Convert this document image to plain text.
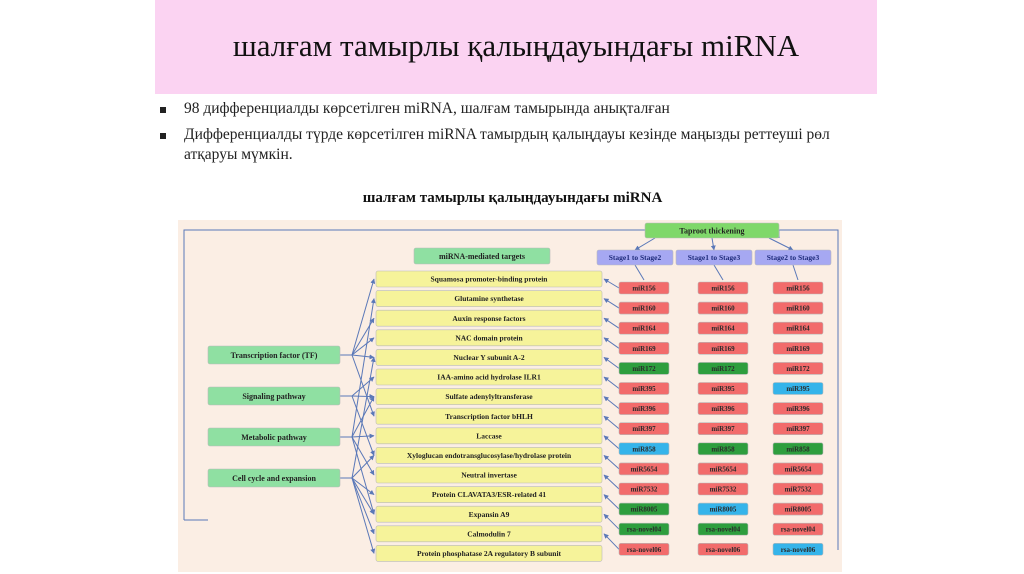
шалғам тамырлы қалыңдауындағы miRNA
98 дифференциалды көрсетілген miRNA, шалғам тамырында анықталған
Дифференциалды түрде көрсетілген miRNA тамырдың қалыңдауы кезінде маңызды реттеуші рөл атқаруы мүмкін.
шалғам тамырлы қалыңдауындағы miRNA
Taproot thickening
miRNA-mediated targets	Stage1 to Stage2	Stage1 to Stage3	Stage2 to Stage3
Squamosa promoter-binding protein
Glutamine synthetase
Auxin response factors
NAC domain protein
Nuclear Y subunit A-2
IAA-amino acid hydrolase ILR1
Sulfate adenylyltransferase
Transcription factor bHLH
Laccase
Xyloglucan endotransglucosylase/hydrolase protein
Neutral invertase
Protein CLAVATA3/ESR-related 41
Expansin A9
Calmodulin 7
Protein phosphatase 2A regulatory B subunit
miR156	miR156	miR156
miR160	miR160	miR160
miR164	miR164	miR164
miR169	miR169	miR169
miR172	miR172	miR172
miR395	miR395	miR395
miR396	miR396	miR396
miR397	miR397	miR397
miR858	miR858	miR858
miR5654	miR5654	miR5654
miR7532	miR7532	miR7532
miR8005	miR8005	miR8005
rsa-novel04	rsa-novel04	rsa-novel04
rsa-novel06	rsa-novel06	rsa-novel06
Transcription factor (TF)
Signaling pathway
Metabolic pathway
Cell cycle and expansion
